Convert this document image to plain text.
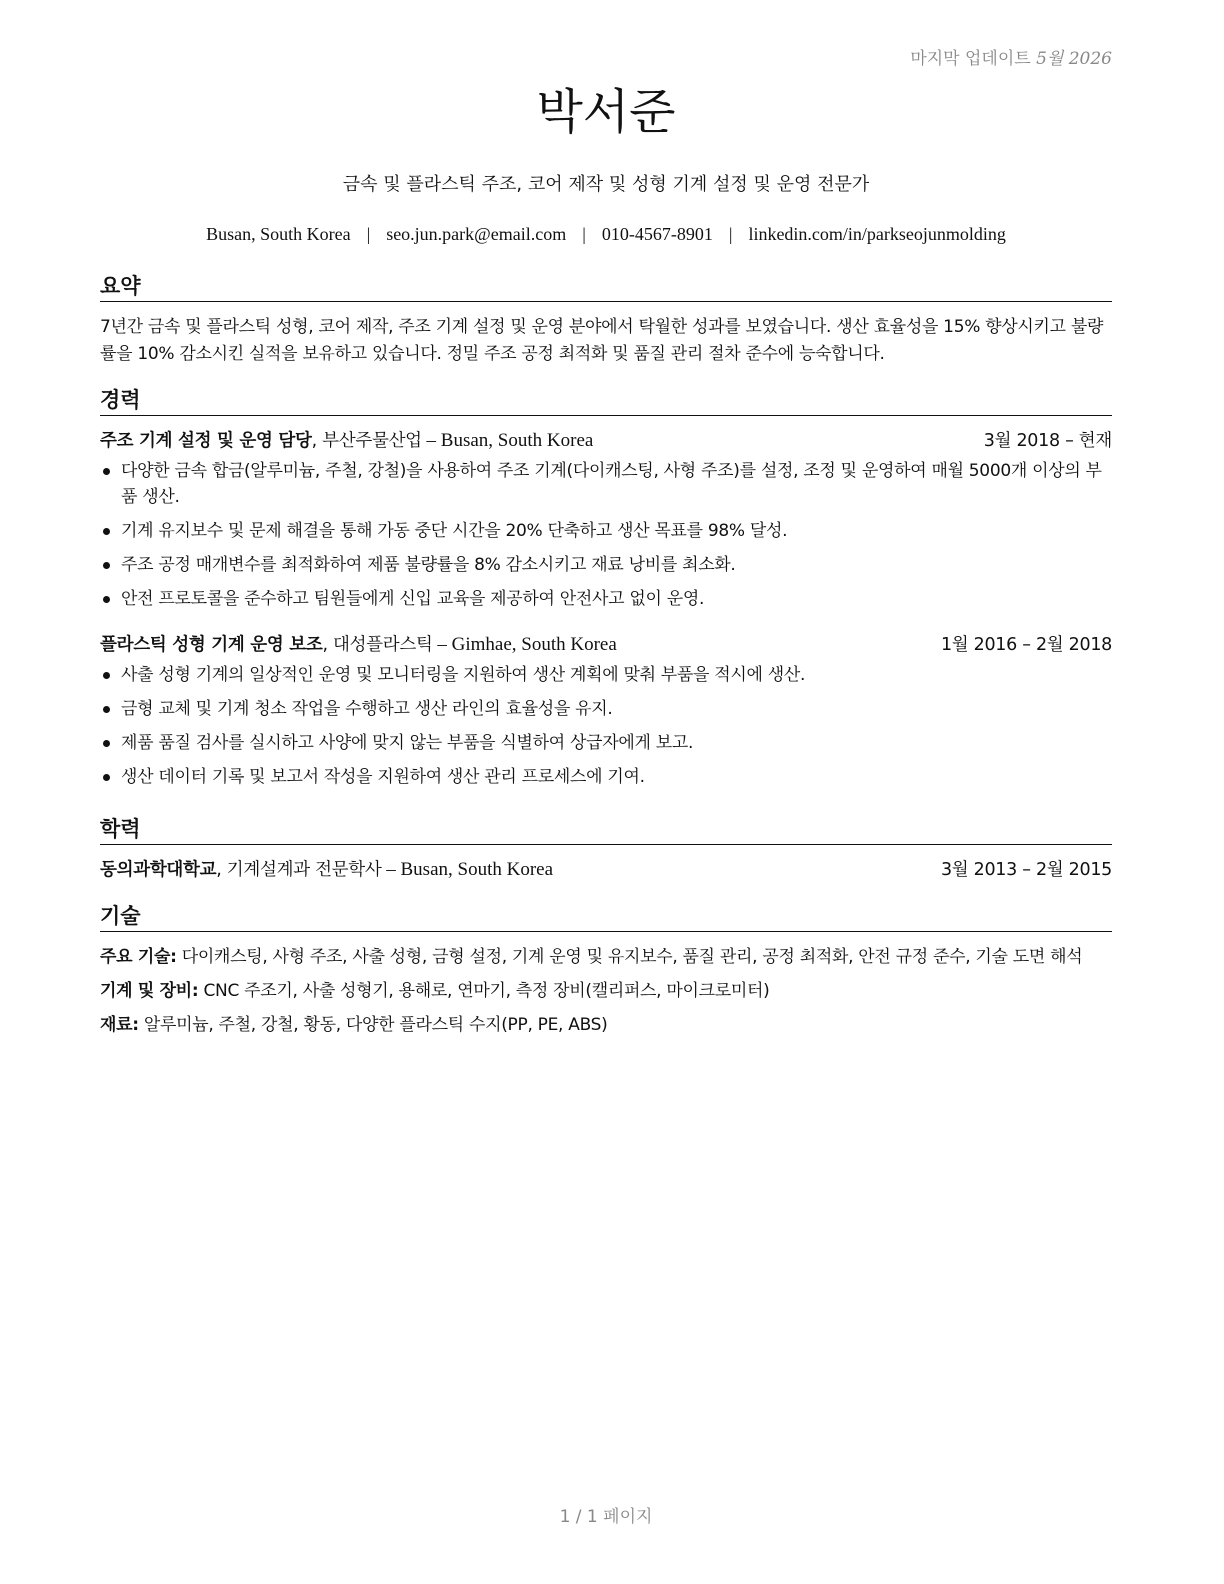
마지막 업데이트 5월 2026
박서준
금속 및 플라스틱 주조, 코어 제작 및 성형 기계 설정 및 운영 전문가
Busan, South Korea | seo.jun.park@email.com | 010-4567-8901 | linkedin.com/in/parkseojunmolding
요약
7년간 금속 및 플라스틱 성형, 코어 제작, 주조 기계 설정 및 운영 분야에서 탁월한 성과를 보였습니다. 생산 효율성을 15% 향상시키고 불량률을 10% 감소시킨 실적을 보유하고 있습니다. 정밀 주조 공정 최적화 및 품질 관리 절차 준수에 능숙합니다.
경력
주조 기계 설정 및 운영 담당, 부산주물산업 – Busan, South Korea	3월 2018 – 현재
다양한 금속 합금(알루미늄, 주철, 강철)을 사용하여 주조 기계(다이캐스팅, 사형 주조)를 설정, 조정 및 운영하여 매월 5000개 이상의 부품 생산.
기계 유지보수 및 문제 해결을 통해 가동 중단 시간을 20% 단축하고 생산 목표를 98% 달성.
주조 공정 매개변수를 최적화하여 제품 불량률을 8% 감소시키고 재료 낭비를 최소화.
안전 프로토콜을 준수하고 팀원들에게 신입 교육을 제공하여 안전사고 없이 운영.
플라스틱 성형 기계 운영 보조, 대성플라스틱 – Gimhae, South Korea	1월 2016 – 2월 2018
사출 성형 기계의 일상적인 운영 및 모니터링을 지원하여 생산 계획에 맞춰 부품을 적시에 생산.
금형 교체 및 기계 청소 작업을 수행하고 생산 라인의 효율성을 유지.
제품 품질 검사를 실시하고 사양에 맞지 않는 부품을 식별하여 상급자에게 보고.
생산 데이터 기록 및 보고서 작성을 지원하여 생산 관리 프로세스에 기여.
학력
동의과학대학교, 기계설계과 전문학사 – Busan, South Korea	3월 2013 – 2월 2015
기술
주요 기술: 다이캐스팅, 사형 주조, 사출 성형, 금형 설정, 기계 운영 및 유지보수, 품질 관리, 공정 최적화, 안전 규정 준수, 기술 도면 해석
기계 및 장비: CNC 주조기, 사출 성형기, 용해로, 연마기, 측정 장비(캘리퍼스, 마이크로미터)
재료: 알루미늄, 주철, 강철, 황동, 다양한 플라스틱 수지(PP, PE, ABS)
1 / 1 페이지
